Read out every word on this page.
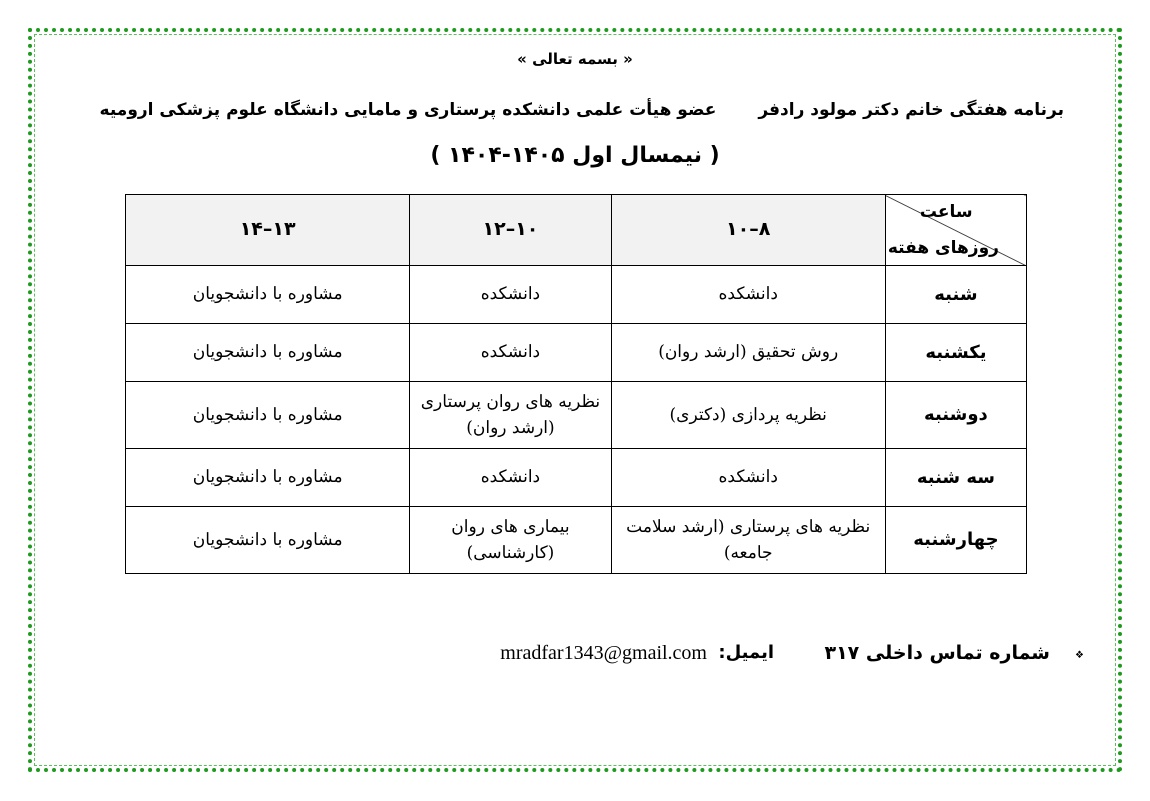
« بسمه تعالی »
برنامه هفتگی خانم دکتر مولود رادفرعضو هیأت علمی دانشکده پرستاری و مامایی دانشگاه علوم پزشکی ارومیه
( نیمسال اول ۱۴۰۵-۱۴۰۴ )
ساعت
روزهای هفته	۸–۱۰	۱۰–۱۲	۱۳–۱۴
شنبه	دانشکده	دانشکده	مشاوره با دانشجویان
یکشنبه	روش تحقیق (ارشد روان)	دانشکده	مشاوره با دانشجویان
دوشنبه	نظریه پردازی (دکتری)	نظریه های روان پرستاری (ارشد روان)	مشاوره با دانشجویان
سه شنبه	دانشکده	دانشکده	مشاوره با دانشجویان
چهارشنبه	نظریه های پرستاری (ارشد سلامت جامعه)	بیماری های روان (کارشناسی)	مشاوره با دانشجویان
❖
شماره تماس داخلی ۳۱۷
ایمیل:
mradfar1343@gmail.com
